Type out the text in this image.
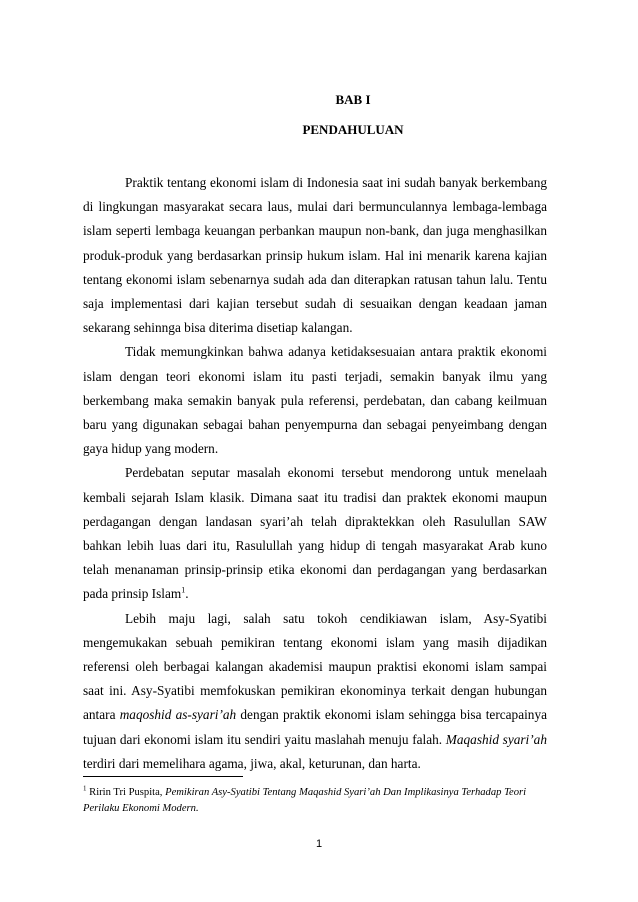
BAB I
PENDAHULUAN

Praktik tentang ekonomi islam di Indonesia saat ini sudah banyak berkembang di lingkungan masyarakat secara laus, mulai dari bermunculannya lembaga-lembaga islam seperti lembaga keuangan perbankan maupun non-bank, dan juga menghasilkan produk-produk yang berdasarkan prinsip hukum islam. Hal ini menarik karena kajian tentang ekonomi islam sebenarnya sudah ada dan diterapkan ratusan tahun lalu. Tentu saja implementasi dari kajian tersebut sudah di sesuaikan dengan keadaan jaman sekarang sehinnga bisa diterima disetiap kalangan.

Tidak memungkinkan bahwa adanya ketidaksesuaian antara praktik ekonomi islam dengan teori ekonomi islam itu pasti terjadi, semakin banyak ilmu yang berkembang maka semakin banyak pula referensi, perdebatan, dan cabang keilmuan baru yang digunakan sebagai bahan penyempurna dan sebagai penyeimbang dengan gaya hidup yang modern.

Perdebatan seputar masalah ekonomi tersebut mendorong untuk menelaah kembali sejarah Islam klasik. Dimana saat itu tradisi dan praktek ekonomi maupun perdagangan dengan landasan syari’ah telah dipraktekkan oleh Rasulullan SAW bahkan lebih luas dari itu, Rasulullah yang hidup di tengah masyarakat Arab kuno telah menanaman prinsip-prinsip etika ekonomi dan perdagangan yang berdasarkan pada prinsip Islam$^1$.

Lebih maju lagi, salah satu tokoh cendikiawan islam, Asy-Syatibi mengemukakan sebuah pemikiran tentang ekonomi islam yang masih dijadikan referensi oleh berbagai kalangan akademisi maupun praktisi ekonomi islam sampai saat ini. Asy-Syatibi memfokuskan pemikiran ekonominya terkait dengan hubungan antara maqoshid as-syari’ah dengan praktik ekonomi islam sehingga bisa tercapainya tujuan dari ekonomi islam itu sendiri yaitu maslahah menuju falah. Maqashid syari’ah terdiri dari memelihara agama, jiwa, akal, keturunan, dan harta.

$^1$ Ririn Tri Puspita, Pemikiran Asy-Syatibi Tentang Maqashid Syari’ah Dan Implikasinya Terhadap Teori Perilaku Ekonomi Modern.
1
